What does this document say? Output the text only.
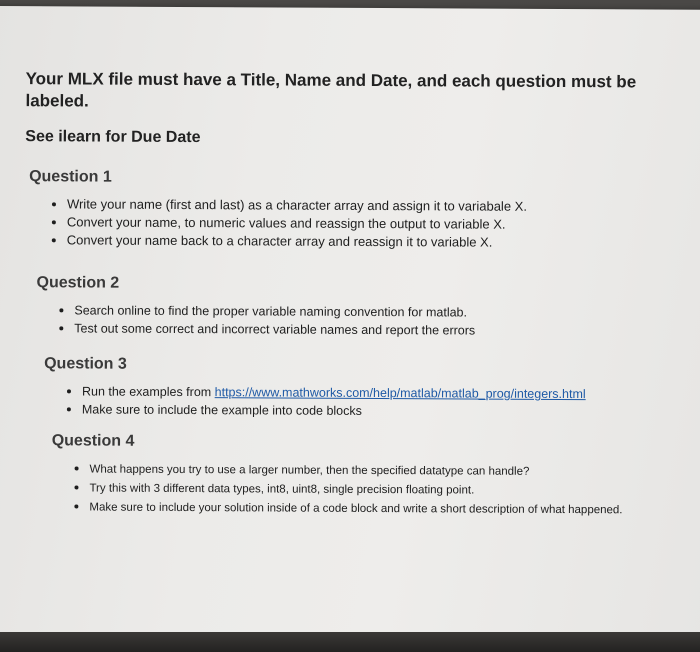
Your MLX file must have a Title, Name and Date, and each question must be labeled.

See ilearn for Due Date

Question 1

• Write your name (first and last) as a character array and assign it to variabale X.
• Convert your name, to numeric values and reassign the output to variable X.
• Convert your name back to a character array and reassign it to variable X.

Question 2

• Search online to find the proper variable naming convention for matlab.
• Test out some correct and incorrect variable names and report the errors

Question 3

• Run the examples from https://www.mathworks.com/help/matlab/matlab_prog/integers.html
• Make sure to include the example into code blocks

Question 4

• What happens you try to use a larger number, then the specified datatype can handle?
• Try this with 3 different data types, int8, uint8, single precision floating point.
• Make sure to include your solution inside of a code block and write a short description of what happened.
